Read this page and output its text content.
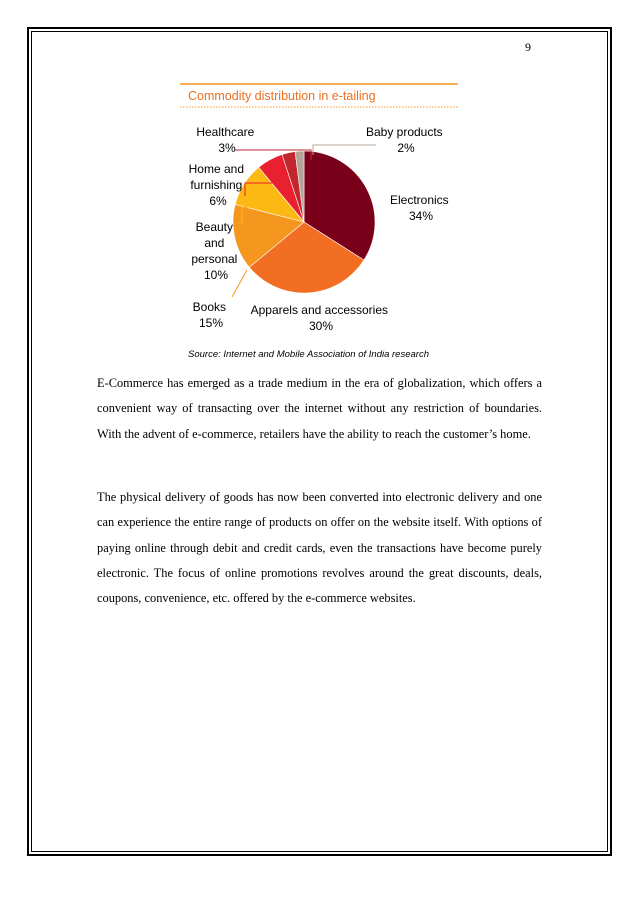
9
Commodity distribution in e-tailing
Healthcare 3%
Baby products 2%
Home and furnishing 6%	Electronics 34%
Beauty and personal 10%
Books 15%
Apparels and accessories 30%
Source: Internet and Mobile Association of India research

E-Commerce has emerged as a trade medium in the era of globalization, which offers a convenient way of transacting over the internet without any restriction of boundaries. With the advent of e-commerce, retailers have the ability to reach the customer’s home.

The physical delivery of goods has now been converted into electronic delivery and one can experience the entire range of products on offer on the website itself. With options of paying online through debit and credit cards, even the transactions have become purely electronic. The focus of online promotions revolves around the great discounts, deals, coupons, convenience, etc. offered by the e-commerce websites.
